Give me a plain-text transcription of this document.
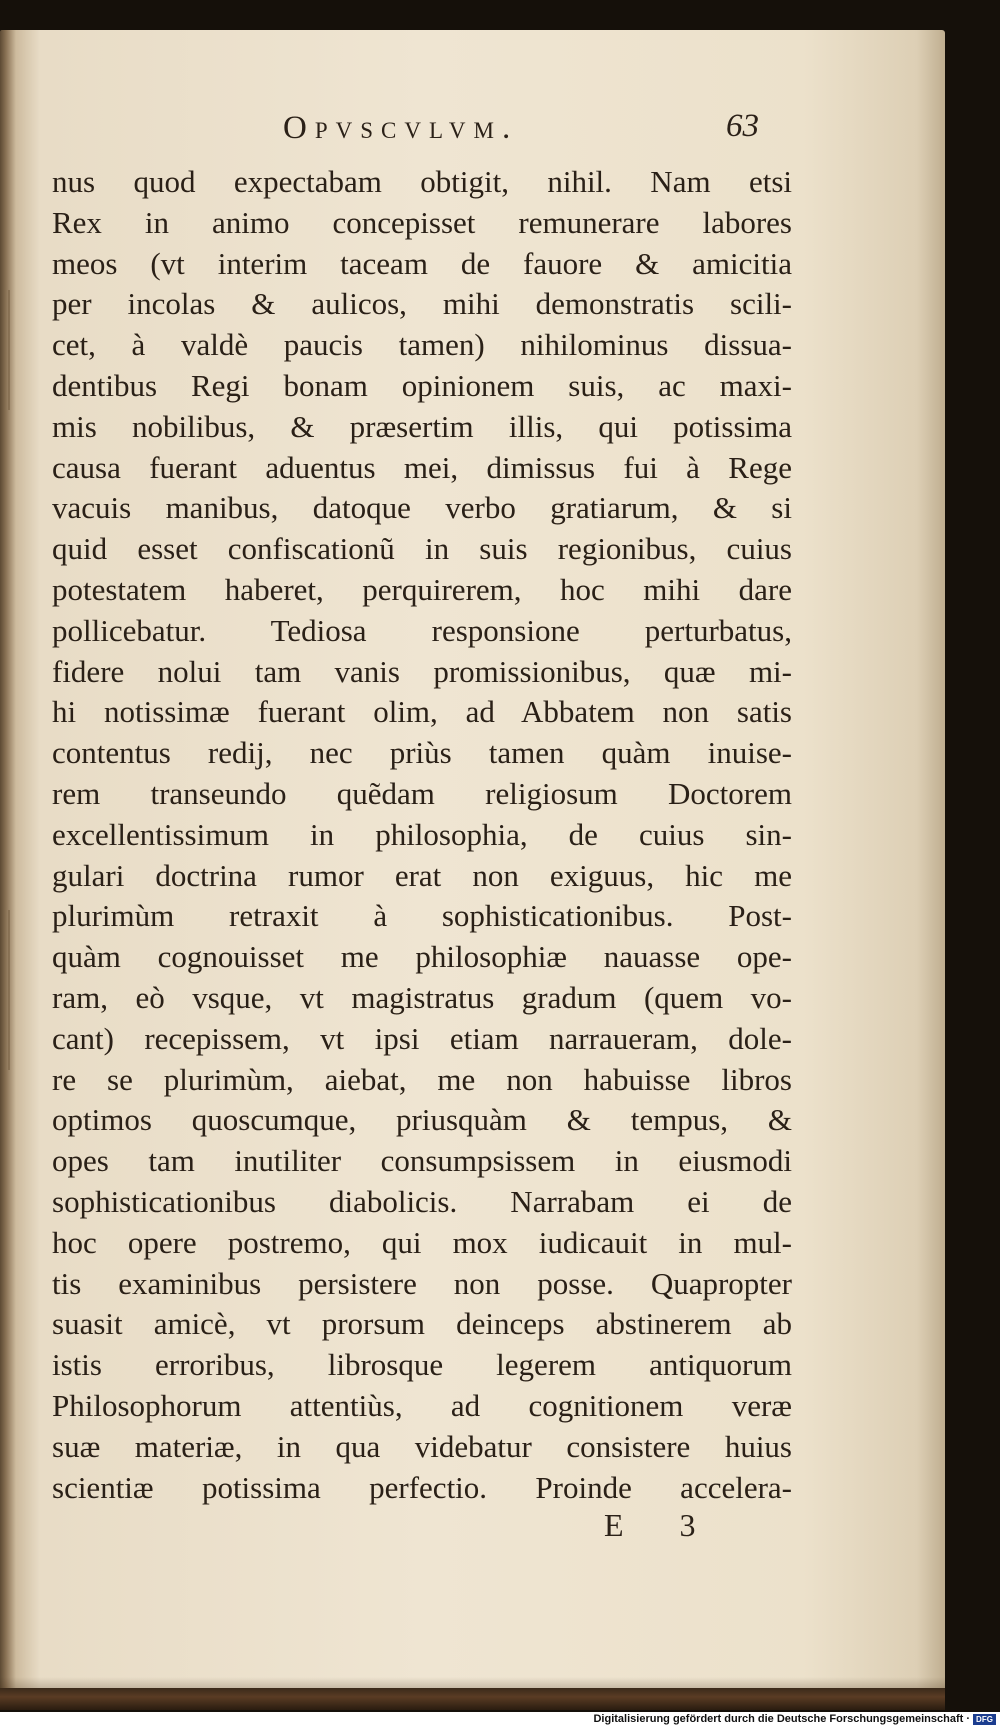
Opvscvlvm.	63
nus quod expectabam obtigit, nihil. Nam etsi
Rex in animo concepisset remunerare labores
meos (vt interim taceam de fauore & amicitia
per incolas & aulicos, mihi demonstratis scili-
cet, à valdè paucis tamen) nihilominus dissua-
dentibus Regi bonam opinionem suis, ac maxi-
mis nobilibus, & præsertim illis, qui potissima
causa fuerant aduentus mei, dimissus fui à Rege
vacuis manibus, datoque verbo gratiarum, & si
quid esset confiscationũ in suis regionibus, cuius
potestatem haberet, perquirerem, hoc mihi dare
pollicebatur. Tediosa responsione perturbatus,
fidere nolui tam vanis promissionibus, quæ mi-
hi notissimæ fuerant olim, ad Abbatem non satis
contentus redij, nec priùs tamen quàm inuise-
rem transeundo quẽdam religiosum Doctorem
excellentissimum in philosophia, de cuius sin-
gulari doctrina rumor erat non exiguus, hic me
plurimùm retraxit à sophisticationibus. Post-
quàm cognouisset me philosophiæ nauasse ope-
ram, eò vsque, vt magistratus gradum (quem vo-
cant) recepissem, vt ipsi etiam narraueram, dole-
re se plurimùm, aiebat, me non habuisse libros
optimos quoscumque, priusquàm & tempus, &
opes tam inutiliter consumpsissem in eiusmodi
sophisticationibus diabolicis. Narrabam ei de
hoc opere postremo, qui mox iudicauit in mul-
tis examinibus persistere non posse. Quapropter
suasit amicè, vt prorsum deinceps abstinerem ab
istis erroribus, librosque legerem antiquorum
Philosophorum attentiùs, ad cognitionem veræ
suæ materiæ, in qua videbatur consistere huius
scientiæ potissima perfectio. Proinde accelera-
E 3
Digitalisierung gefördert durch die Deutsche Forschungsgemeinschaft · DFG
